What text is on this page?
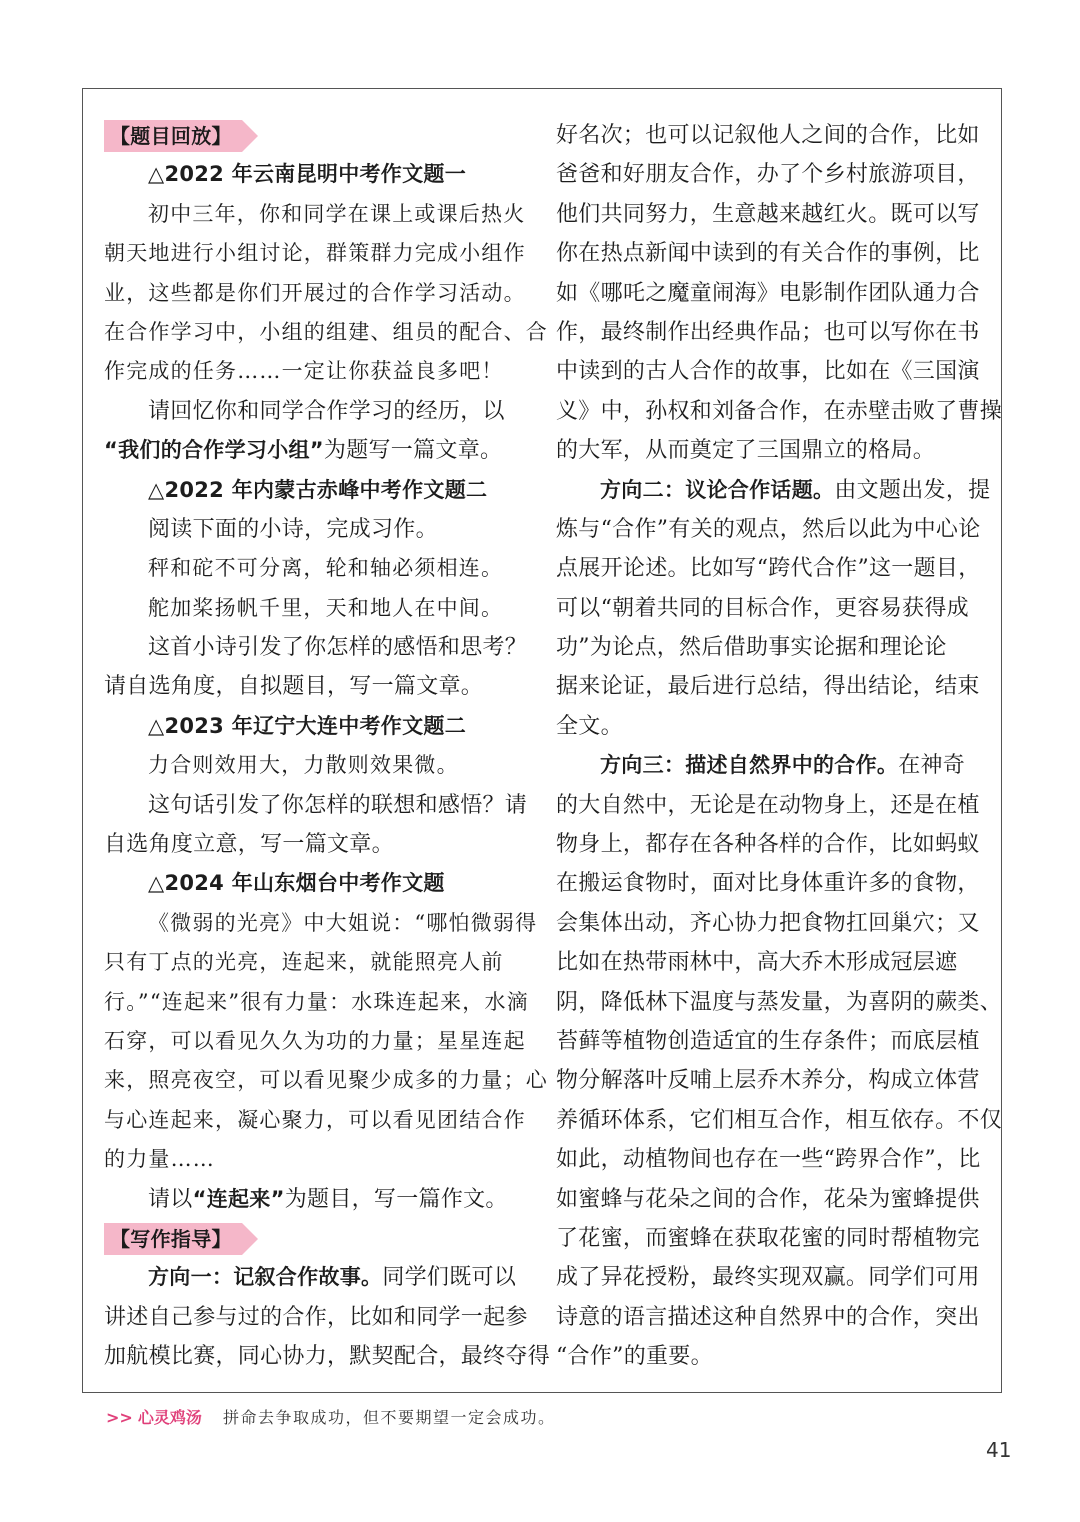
【题目回放】
△2022 年云南昆明中考作文题一
初中三年，你和同学在课上或课后热火
朝天地进行小组讨论，群策群力完成小组作
业，这些都是你们开展过的合作学习活动。
在合作学习中，小组的组建、组员的配合、合
作完成的任务……一定让你获益良多吧！
请回忆你和同学合作学习的经历，以
“我们的合作学习小组”为题写一篇文章。
△2022 年内蒙古赤峰中考作文题二
阅读下面的小诗，完成习作。
秤和砣不可分离，轮和轴必须相连。
舵加桨扬帆千里，天和地人在中间。
这首小诗引发了你怎样的感悟和思考？
请自选角度，自拟题目，写一篇文章。
△2023 年辽宁大连中考作文题二
力合则效用大，力散则效果微。
这句话引发了你怎样的联想和感悟？请
自选角度立意，写一篇文章。
△2024 年山东烟台中考作文题
《微弱的光亮》中大姐说：“哪怕微弱得
只有丁点的光亮，连起来，就能照亮人前
行。”“连起来”很有力量：水珠连起来，水滴
石穿，可以看见久久为功的力量；星星连起
来，照亮夜空，可以看见聚少成多的力量；心
与心连起来，凝心聚力，可以看见团结合作
的力量……
请以“连起来”为题目，写一篇作文。
【写作指导】
方向一：记叙合作故事。同学们既可以
讲述自己参与过的合作，比如和同学一起参
加航模比赛，同心协力，默契配合，最终夺得
好名次；也可以记叙他人之间的合作，比如
爸爸和好朋友合作，办了个乡村旅游项目，
他们共同努力，生意越来越红火。既可以写
你在热点新闻中读到的有关合作的事例，比
如《哪吒之魔童闹海》电影制作团队通力合
作，最终制作出经典作品；也可以写你在书
中读到的古人合作的故事，比如在《三国演
义》中，孙权和刘备合作，在赤壁击败了曹操
的大军，从而奠定了三国鼎立的格局。
方向二：议论合作话题。由文题出发，提
炼与“合作”有关的观点，然后以此为中心论
点展开论述。比如写“跨代合作”这一题目，
可以“朝着共同的目标合作，更容易获得成
功”为论点，然后借助事实论据和理论论
据来论证，最后进行总结，得出结论，结束
全文。
方向三：描述自然界中的合作。在神奇
的大自然中，无论是在动物身上，还是在植
物身上，都存在各种各样的合作，比如蚂蚁
在搬运食物时，面对比身体重许多的食物，
会集体出动，齐心协力把食物扛回巢穴；又
比如在热带雨林中，高大乔木形成冠层遮
阴，降低林下温度与蒸发量，为喜阴的蕨类、
苔藓等植物创造适宜的生存条件；而底层植
物分解落叶反哺上层乔木养分，构成立体营
养循环体系，它们相互合作，相互依存。不仅
如此，动植物间也存在一些“跨界合作”，比
如蜜蜂与花朵之间的合作，花朵为蜜蜂提供
了花蜜，而蜜蜂在获取花蜜的同时帮植物完
成了异花授粉，最终实现双赢。同学们可用
诗意的语言描述这种自然界中的合作，突出
“合作”的重要。
>> 心灵鸡汤 拼命去争取成功，但不要期望一定会成功。
41
